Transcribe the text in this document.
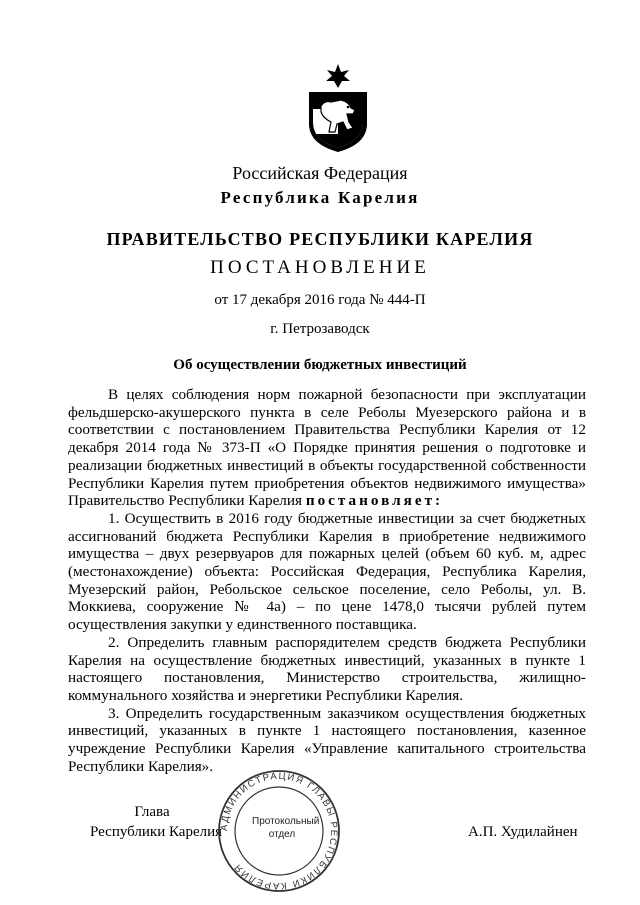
Российская Федерация
Республика Карелия
ПРАВИТЕЛЬСТВО РЕСПУБЛИКИ КАРЕЛИЯ
ПОСТАНОВЛЕНИЕ
от 17 декабря 2016 года № 444-П
г. Петрозаводск
Об осуществлении бюджетных инвестиций

В целях соблюдения норм пожарной безопасности при эксплуатации фельдшерско-акушерского пункта в селе Реболы Муезерского района и в соответствии с постановлением Правительства Республики Карелия от 12 декабря 2014 года № 373-П «О Порядке принятия решения о подготовке и реализации бюджетных инвестиций в объекты государственной собственности Республики Карелия путем приобретения объектов недвижимого имущества» Правительство Республики Карелия постановляет:

1. Осуществить в 2016 году бюджетные инвестиции за счет бюджетных ассигнований бюджета Республики Карелия в приобретение недвижимого имущества – двух резервуаров для пожарных целей (объем 60 куб. м, адрес (местонахождение) объекта: Российская Федерация, Республика Карелия, Муезерский район, Ребольское сельское поселение, село Реболы, ул. В. Моккиева, сооружение № 4а) – по цене 1478,0 тысячи рублей путем осуществления закупки у единственного поставщика.

2. Определить главным распорядителем средств бюджета Республики Карелия на осуществление бюджетных инвестиций, указанных в пункте 1 настоящего постановления, Министерство строительства, жилищно-коммунального хозяйства и энергетики Республики Карелия.

3. Определить государственным заказчиком осуществления бюджетных инвестиций, указанных в пункте 1 настоящего постановления, казенное учреждение Республики Карелия «Управление капитального строительства Республики Карелия».

Глава
Республики Карелия	А.П. Худилайнен
АДМИНИСТРАЦИЯ ГЛАВЫ РЕСПУБЛИКИ КАРЕЛИЯ
Протокольный
отдел
